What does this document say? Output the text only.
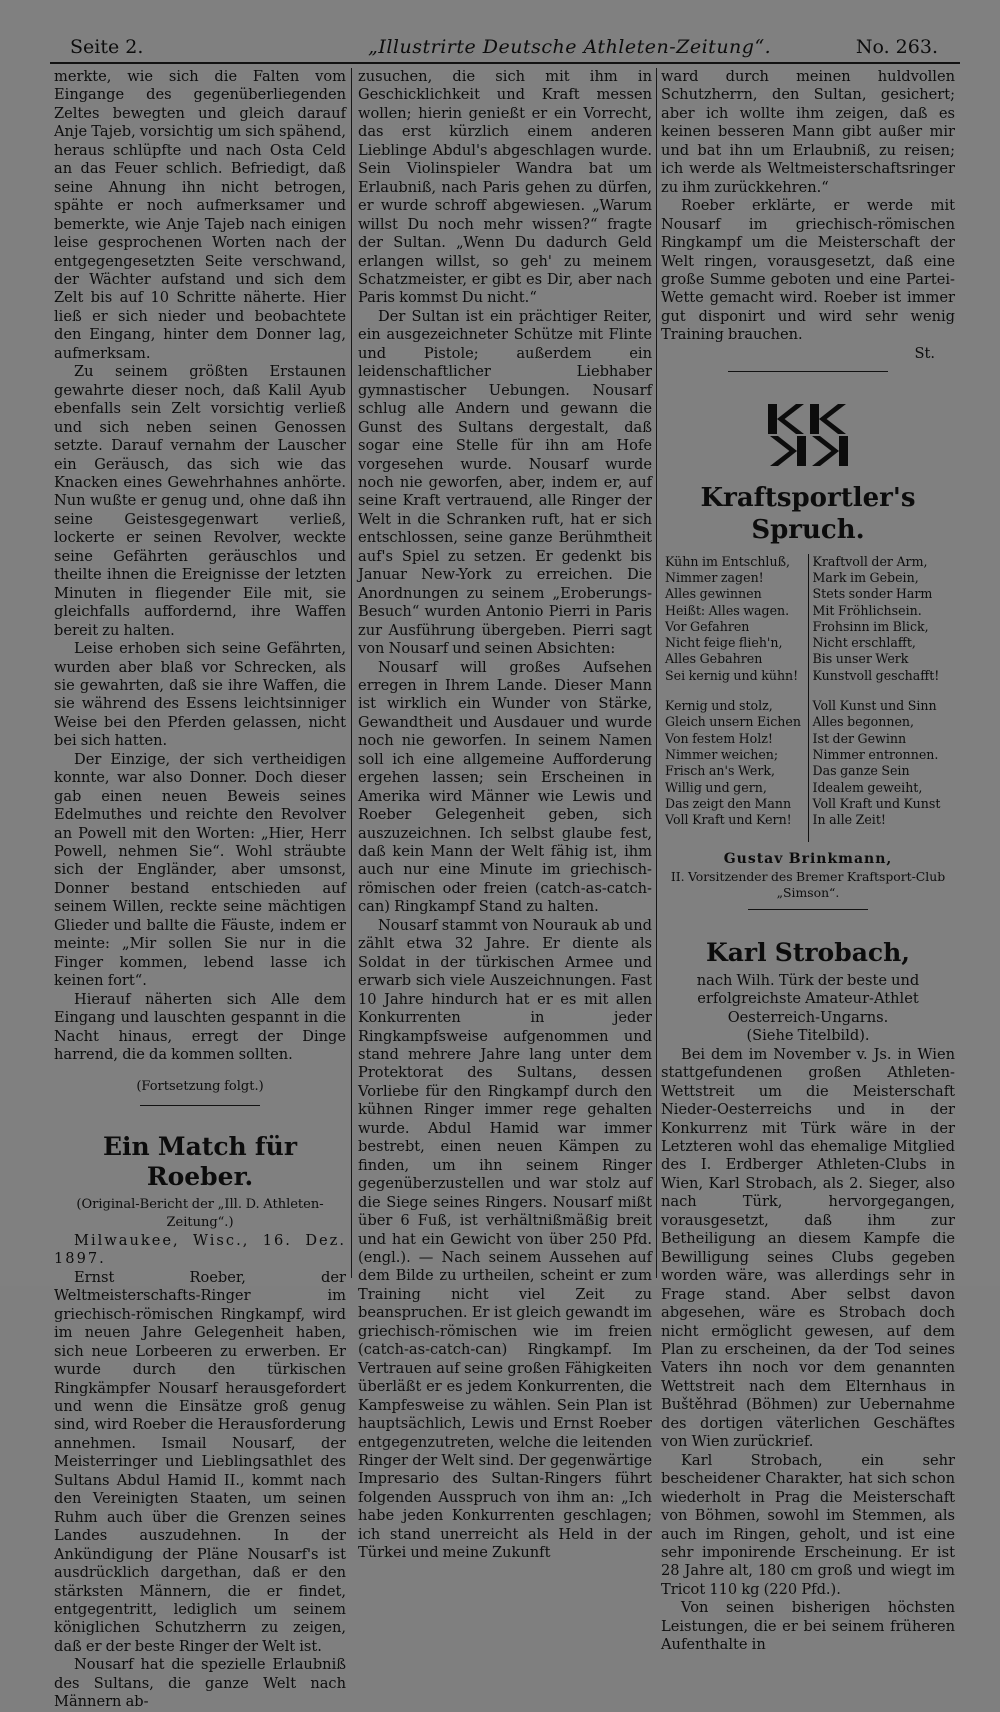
Seite 2.	„Illustrirte Deutsche Athleten-Zeitung“.	No. 263.

merkte, wie sich die Falten vom Eingange des gegenüberliegenden Zeltes bewegten und gleich darauf Anje Tajeb, vorsichtig um sich spähend, heraus schlüpfte und nach Osta Celd an das Feuer schlich. Befriedigt, daß seine Ahnung ihn nicht betrogen, spähte er noch aufmerksamer und bemerkte, wie Anje Tajeb nach einigen leise gesprochenen Worten nach der entgegengesetzten Seite verschwand, der Wächter aufstand und sich dem Zelt bis auf 10 Schritte näherte. Hier ließ er sich nieder und beobachtete den Eingang, hinter dem Donner lag, aufmerksam.

Zu seinem größten Erstaunen gewahrte dieser noch, daß Kalil Ayub ebenfalls sein Zelt vorsichtig verließ und sich neben seinen Genossen setzte. Darauf vernahm der Lauscher ein Geräusch, das sich wie das Knacken eines Gewehrhahnes anhörte. Nun wußte er genug und, ohne daß ihn seine Geistesgegenwart verließ, lockerte er seinen Revolver, weckte seine Gefährten geräuschlos und theilte ihnen die Ereignisse der letzten Minuten in fliegender Eile mit, sie gleichfalls auffordernd, ihre Waffen bereit zu halten.

Leise erhoben sich seine Gefährten, wurden aber blaß vor Schrecken, als sie gewahrten, daß sie ihre Waffen, die sie während des Essens leichtsinniger Weise bei den Pferden gelassen, nicht bei sich hatten.

Der Einzige, der sich vertheidigen konnte, war also Donner. Doch dieser gab einen neuen Beweis seines Edelmuthes und reichte den Revolver an Powell mit den Worten: „Hier, Herr Powell, nehmen Sie“. Wohl sträubte sich der Engländer, aber umsonst, Donner bestand entschieden auf seinem Willen, reckte seine mächtigen Glieder und ballte die Fäuste, indem er meinte: „Mir sollen Sie nur in die Finger kommen, lebend lasse ich keinen fort“.

Hierauf näherten sich Alle dem Eingang und lauschten gespannt in die Nacht hinaus, erregt der Dinge harrend, die da kommen sollten.

(Fortsetzung folgt.)
Ein Match für Roeber.
(Original-Bericht der „Ill. D. Athleten-Zeitung“.)

Milwaukee, Wisc., 16. Dez. 1897.

Ernst Roeber, der Weltmeisterschafts-Ringer im griechisch-römischen Ringkampf, wird im neuen Jahre Gelegenheit haben, sich neue Lorbeeren zu erwerben. Er wurde durch den türkischen Ringkämpfer Nousarf herausgefordert und wenn die Einsätze groß genug sind, wird Roeber die Herausforderung annehmen. Ismail Nousarf, der Meisterringer und Lieblingsathlet des Sultans Abdul Hamid II., kommt nach den Vereinigten Staaten, um seinen Ruhm auch über die Grenzen seines Landes auszudehnen. In der Ankündigung der Pläne Nousarf's ist ausdrücklich dargethan, daß er den stärksten Männern, die er findet, entgegentritt, lediglich um seinem königlichen Schutzherrn zu zeigen, daß er der beste Ringer der Welt ist.

Nousarf hat die spezielle Erlaubniß des Sultans, die ganze Welt nach Männern ab-

zusuchen, die sich mit ihm in Geschicklichkeit und Kraft messen wollen; hierin genießt er ein Vorrecht, das erst kürzlich einem anderen Lieblinge Abdul's abgeschlagen wurde. Sein Violinspieler Wandra bat um Erlaubniß, nach Paris gehen zu dürfen, er wurde schroff abgewiesen. „Warum willst Du noch mehr wissen?“ fragte der Sultan. „Wenn Du dadurch Geld erlangen willst, so geh' zu meinem Schatzmeister, er gibt es Dir, aber nach Paris kommst Du nicht.“

Der Sultan ist ein prächtiger Reiter, ein ausgezeichneter Schütze mit Flinte und Pistole; außerdem ein leidenschaftlicher Liebhaber gymnastischer Uebungen. Nousarf schlug alle Andern und gewann die Gunst des Sultans dergestalt, daß sogar eine Stelle für ihn am Hofe vorgesehen wurde. Nousarf wurde noch nie geworfen, aber, indem er, auf seine Kraft vertrauend, alle Ringer der Welt in die Schranken ruft, hat er sich entschlossen, seine ganze Berühmtheit auf's Spiel zu setzen. Er gedenkt bis Januar New-York zu erreichen. Die Anordnungen zu seinem „Eroberungs-Besuch“ wurden Antonio Pierri in Paris zur Ausführung übergeben. Pierri sagt von Nousarf und seinen Absichten:

Nousarf will großes Aufsehen erregen in Ihrem Lande. Dieser Mann ist wirklich ein Wunder von Stärke, Gewandtheit und Ausdauer und wurde noch nie geworfen. In seinem Namen soll ich eine allgemeine Aufforderung ergehen lassen; sein Erscheinen in Amerika wird Männer wie Lewis und Roeber Gelegenheit geben, sich auszuzeichnen. Ich selbst glaube fest, daß kein Mann der Welt fähig ist, ihm auch nur eine Minute im griechisch-römischen oder freien (catch-as-catch-can) Ringkampf Stand zu halten.

Nousarf stammt von Nourauk ab und zählt etwa 32 Jahre. Er diente als Soldat in der türkischen Armee und erwarb sich viele Auszeichnungen. Fast 10 Jahre hindurch hat er es mit allen Konkurrenten in jeder Ringkampfsweise aufgenommen und stand mehrere Jahre lang unter dem Protektorat des Sultans, dessen Vorliebe für den Ringkampf durch den kühnen Ringer immer rege gehalten wurde. Abdul Hamid war immer bestrebt, einen neuen Kämpen zu finden, um ihn seinem Ringer gegenüberzustellen und war stolz auf die Siege seines Ringers. Nousarf mißt über 6 Fuß, ist verhältnißmäßig breit und hat ein Gewicht von über 250 Pfd. (engl.). — Nach seinem Aussehen auf dem Bilde zu urtheilen, scheint er zum Training nicht viel Zeit zu beanspruchen. Er ist gleich gewandt im griechisch-römischen wie im freien (catch-as-catch-can) Ringkampf. Im Vertrauen auf seine großen Fähigkeiten überläßt er es jedem Konkurrenten, die Kampfesweise zu wählen. Sein Plan ist hauptsächlich, Lewis und Ernst Roeber entgegenzutreten, welche die leitenden Ringer der Welt sind. Der gegenwärtige Impresario des Sultan-Ringers führt folgenden Ausspruch von ihm an: „Ich habe jeden Konkurrenten geschlagen; ich stand unerreicht als Held in der Türkei und meine Zukunft

ward durch meinen huldvollen Schutzherrn, den Sultan, gesichert; aber ich wollte ihm zeigen, daß es keinen besseren Mann gibt außer mir und bat ihn um Erlaubniß, zu reisen; ich werde als Weltmeisterschaftsringer zu ihm zurückkehren.“

Roeber erklärte, er werde mit Nousarf im griechisch-römischen Ringkampf um die Meisterschaft der Welt ringen, vorausgesetzt, daß eine große Summe geboten und eine Partei-Wette gemacht wird. Roeber ist immer gut disponirt und wird sehr wenig Training brauchen.

St.
Kraftsportler's Spruch.
Kühn im Entschluß,
Nimmer zagen!
Alles gewinnen
Heißt: Alles wagen.
Vor Gefahren
Nicht feige flieh'n,
Alles Gebahren
Sei kernig und kühn!
Kernig und stolz,
Gleich unsern Eichen
Von festem Holz!
Nimmer weichen;
Frisch an's Werk,
Willig und gern,
Das zeigt den Mann
Voll Kraft und Kern!
Kraftvoll der Arm,
Mark im Gebein,
Stets sonder Harm
Mit Fröhlichsein.
Frohsinn im Blick,
Nicht erschlafft,
Bis unser Werk
Kunstvoll geschafft!
Voll Kunst und Sinn
Alles begonnen,
Ist der Gewinn
Nimmer entronnen.
Das ganze Sein
Idealem geweiht,
Voll Kraft und Kunst
In alle Zeit!
Gustav Brinkmann,
II. Vorsitzender des Bremer Kraftsport-Club „Simson“.
Karl Strobach,
nach Wilh. Türk der beste und erfolgreichste Amateur-Athlet Oesterreich-Ungarns.
(Siehe Titelbild).

Bei dem im November v. Js. in Wien stattgefundenen großen Athleten-Wettstreit um die Meisterschaft Nieder-Oesterreichs und in der Konkurrenz mit Türk wäre in der Letzteren wohl das ehemalige Mitglied des I. Erdberger Athleten-Clubs in Wien, Karl Strobach, als 2. Sieger, also nach Türk, hervorgegangen, vorausgesetzt, daß ihm zur Betheiligung an diesem Kampfe die Bewilligung seines Clubs gegeben worden wäre, was allerdings sehr in Frage stand. Aber selbst davon abgesehen, wäre es Strobach doch nicht ermöglicht gewesen, auf dem Plan zu erscheinen, da der Tod seines Vaters ihn noch vor dem genannten Wettstreit nach dem Elternhaus in Buštěhrad (Böhmen) zur Uebernahme des dortigen väterlichen Geschäftes von Wien zurückrief.

Karl Strobach, ein sehr bescheidener Charakter, hat sich schon wiederholt in Prag die Meisterschaft von Böhmen, sowohl im Stemmen, als auch im Ringen, geholt, und ist eine sehr imponirende Erscheinung. Er ist 28 Jahre alt, 180 cm groß und wiegt im Tricot 110 kg (220 Pfd.).

Von seinen bisherigen höchsten Leistungen, die er bei seinem früheren Aufenthalte in
